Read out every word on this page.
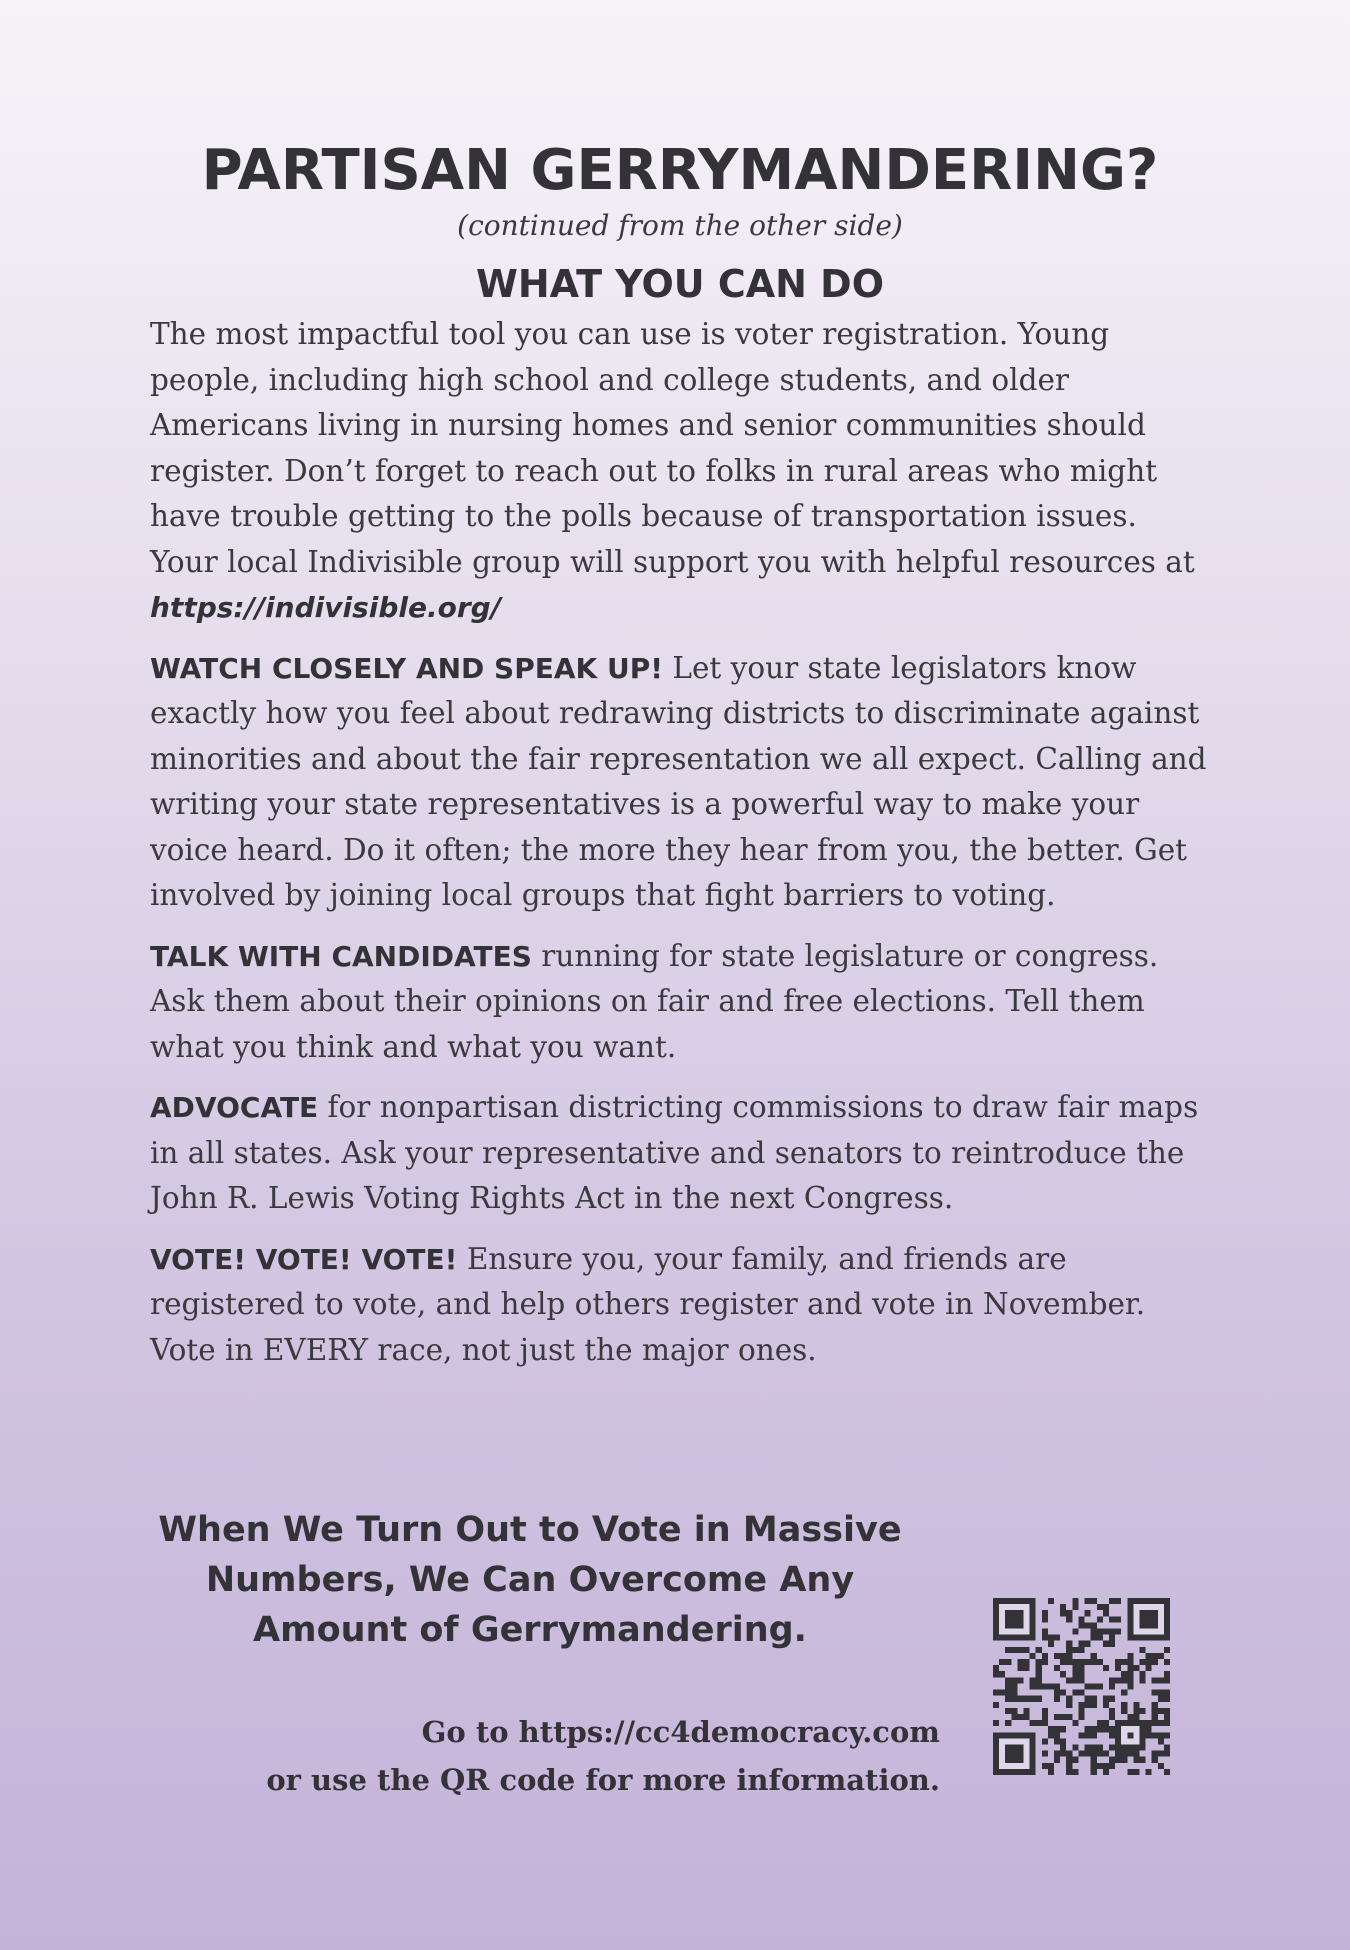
PARTISAN GERRYMANDERING?

(continued from the other side)

WHAT YOU CAN DO

The most impactful tool you can use is voter registration. Young people, including high school and college students, and older Americans living in nursing homes and senior communities should register. Don’t forget to reach out to folks in rural areas who might have trouble getting to the polls because of transportation issues. Your local Indivisible group will support you with helpful resources at
https://indivisible.org/

WATCH CLOSELY AND SPEAK UP! Let your state legislators know exactly how you feel about redrawing districts to discriminate against minorities and about the fair representation we all expect. Calling and writing your state representatives is a powerful way to make your voice heard. Do it often; the more they hear from you, the better. Get involved by joining local groups that fight barriers to voting.

TALK WITH CANDIDATES running for state legislature or congress. Ask them about their opinions on fair and free elections. Tell them what you think and what you want.

ADVOCATE for nonpartisan districting commissions to draw fair maps in all states. Ask your representative and senators to reintroduce the John R. Lewis Voting Rights Act in the next Congress.

VOTE! VOTE! VOTE! Ensure you, your family, and friends are registered to vote, and help others register and vote in November. Vote in EVERY race, not just the major ones.

When We Turn Out to Vote in Massive Numbers, We Can Overcome Any Amount of Gerrymandering.

Go to https://cc4democracy.com
or use the QR code for more information.
